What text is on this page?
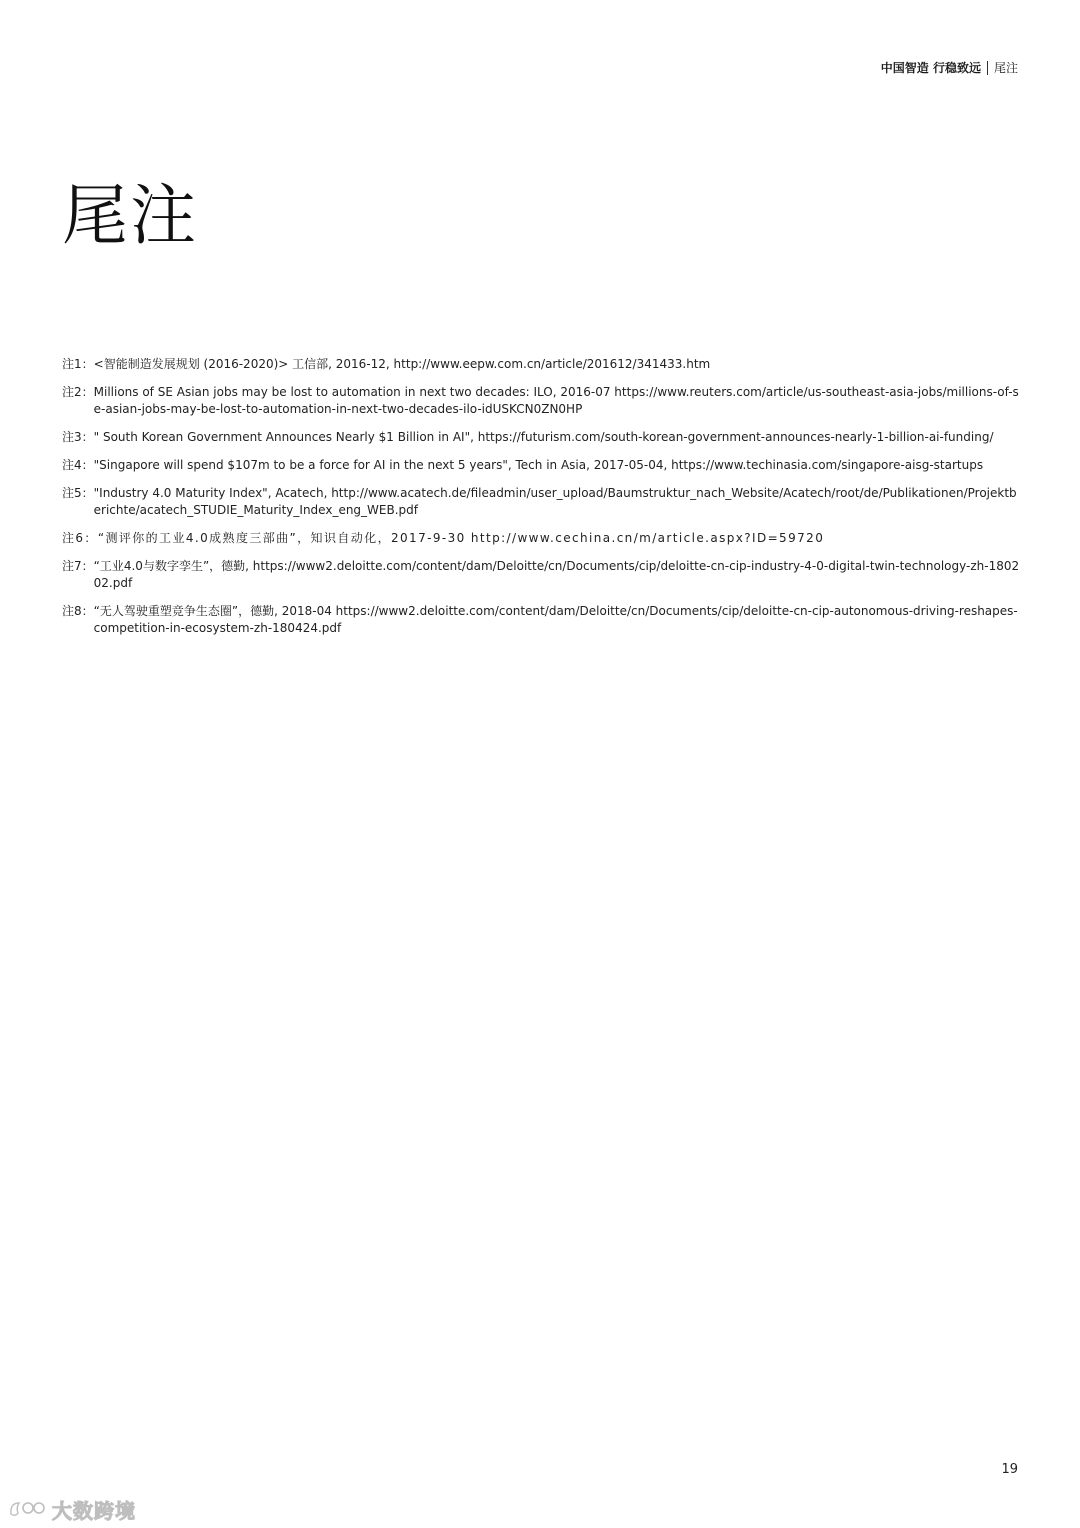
中国智造 行稳致远 尾注
尾注
注1： <智能制造发展规划 (2016-2020)> 工信部, 2016-12, http://www.eepw.com.cn/article/201612/341433.htm
注2： Millions of SE Asian jobs may be lost to automation in next two decades: ILO, 2016-07 https://www.reuters.com/article/us-southeast-asia-jobs/millions-of-se-asian-jobs-may-be-lost-to-automation-in-next-two-decades-ilo-idUSKCN0ZN0HP
注3： " South Korean Government Announces Nearly $1 Billion in AI", https://futurism.com/south-korean-government-announces-nearly-1-billion-ai-funding/
注4： "Singapore will spend $107m to be a force for AI in the next 5 years", Tech in Asia, 2017-05-04, https://www.techinasia.com/singapore-aisg-startups
注5： "Industry 4.0 Maturity Index", Acatech, http://www.acatech.de/fileadmin/user_upload/Baumstruktur_nach_Website/Acatech/root/de/Publikationen/Projektberichte/acatech_STUDIE_Maturity_Index_eng_WEB.pdf
注6： “测评你的工业4.0成熟度三部曲”，知识自动化，2017-9-30 http://www.cechina.cn/m/article.aspx?ID=59720
注7： “工业4.0与数字孪生”，德勤, https://www2.deloitte.com/content/dam/Deloitte/cn/Documents/cip/deloitte-cn-cip-industry-4-0-digital-twin-technology-zh-180202.pdf
注8： “无人驾驶重塑竞争生态圈”，德勤, 2018-04 https://www2.deloitte.com/content/dam/Deloitte/cn/Documents/cip/deloitte-cn-cip-autonomous-driving-reshapes-competition-in-ecosystem-zh-180424.pdf
19
大数跨境
